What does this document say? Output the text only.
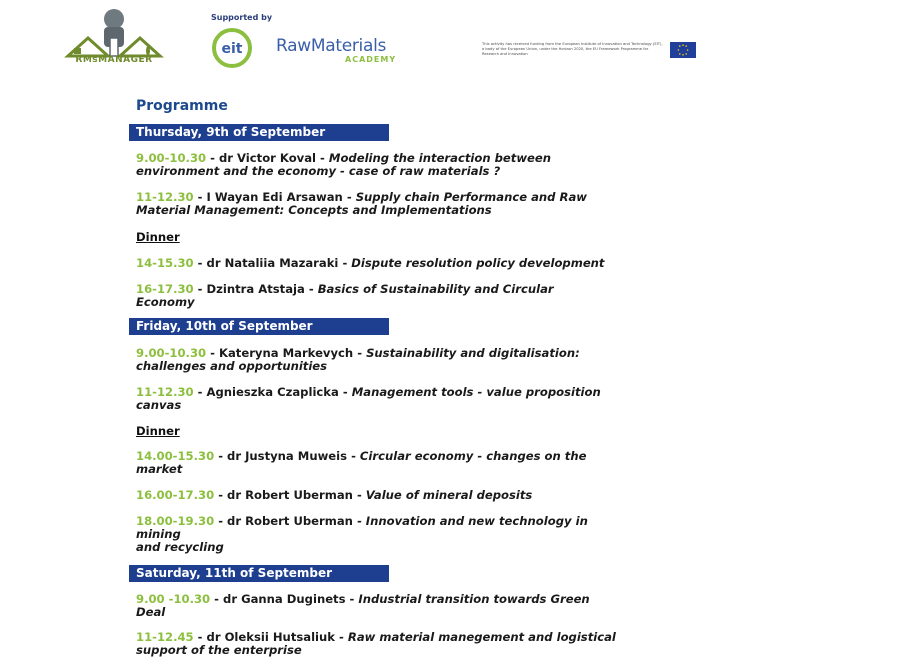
RMsMANAGER
Supported by
eit RawMaterials
ACADEMY
This activity has received funding from the European Institute of Innovation and Technology (EIT), a body of the European Union, under the Horizon 2020, the EU Framework Programme for Research and Innovation
Programme
Thursday, 9th of September
9.00-10.30 - dr Victor Koval - Modeling the interaction between
environment and the economy - case of raw materials ?
11-12.30 - I Wayan Edi Arsawan - Supply chain Performance and Raw
Material Management: Concepts and Implementations
Dinner
14-15.30 - dr Nataliia Mazaraki - Dispute resolution policy development
16-17.30 - Dzintra Atstaja - Basics of Sustainability and Circular
Economy
Friday, 10th of September
9.00-10.30 - Kateryna Markevych - Sustainability and digitalisation:
challenges and opportunities
11-12.30 - Agnieszka Czaplicka - Management tools - value proposition
canvas
Dinner
14.00-15.30 - dr Justyna Muweis - Circular economy - changes on the
market
16.00-17.30 - dr Robert Uberman - Value of mineral deposits
18.00-19.30 - dr Robert Uberman - Innovation and new technology in
mining
and recycling
Saturday, 11th of September
9.00 -10.30 - dr Ganna Duginets - Industrial transition towards Green
Deal
11-12.45 - dr Oleksii Hutsaliuk - Raw material manegement and logistical
support of the enterprise
